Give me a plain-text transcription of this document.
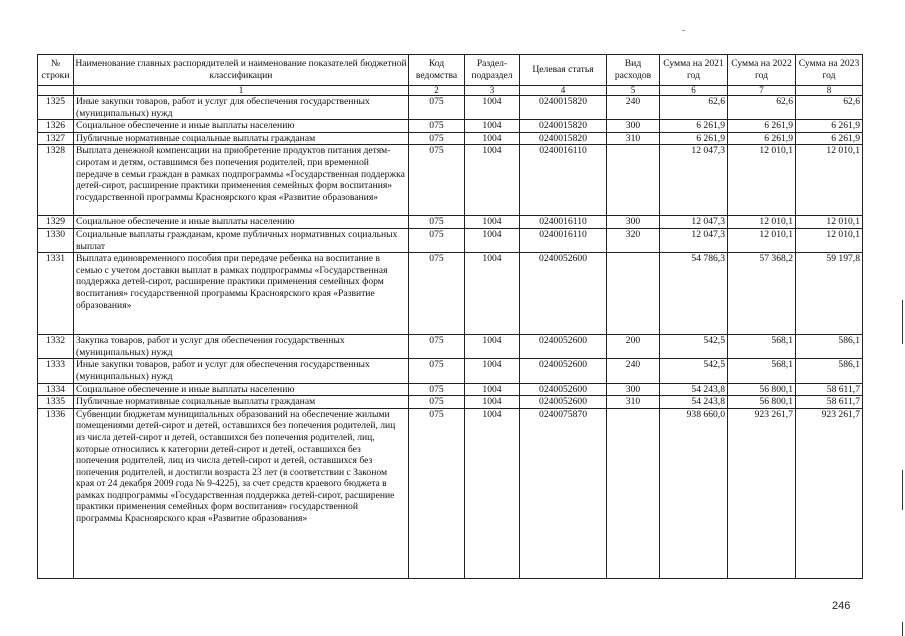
№ строки	Наименование главных распорядителей и наименование показателей бюджетной классификации	Код ведомства	Раздел-подраздел	Целевая статья	Вид расходов	Сумма на 2021 год	Сумма на 2022 год	Сумма на 2023 год
	1	2	3	4	5	6	7	8
1325	Иные закупки товаров, работ и услуг для обеспечения государственных (муниципальных) нужд	075	1004	0240015820	240	62,6	62,6	62,6
1326	Социальное обеспечение и иные выплаты населению	075	1004	0240015820	300	6 261,9	6 261,9	6 261,9
1327	Публичные нормативные социальные выплаты гражданам	075	1004	0240015820	310	6 261,9	6 261,9	6 261,9
1328	Выплата денежной компенсации на приобретение продуктов питания детям-сиротам и детям, оставшимся без попечения родителей, при временной передаче в семьи граждан в рамках подпрограммы «Государственная поддержка детей-сирот, расширение практики применения семейных форм воспитания» государственной программы Красноярского края «Развитие образования»	075	1004	0240016110		12 047,3	12 010,1	12 010,1
1329	Социальное обеспечение и иные выплаты населению	075	1004	0240016110	300	12 047,3	12 010,1	12 010,1
1330	Социальные выплаты гражданам, кроме публичных нормативных социальных выплат	075	1004	0240016110	320	12 047,3	12 010,1	12 010,1
1331	Выплата единовременного пособия при передаче ребенка на воспитание в семью с учетом доставки выплат в рамках подпрограммы «Государственная поддержка детей-сирот, расширение практики применения семейных форм воспитания» государственной программы Красноярского края «Развитие образования»	075	1004	0240052600		54 786,3	57 368,2	59 197,8
1332	Закупка товаров, работ и услуг для обеспечения государственных (муниципальных) нужд	075	1004	0240052600	200	542,5	568,1	586,1
1333	Иные закупки товаров, работ и услуг для обеспечения государственных (муниципальных) нужд	075	1004	0240052600	240	542,5	568,1	586,1
1334	Социальное обеспечение и иные выплаты населению	075	1004	0240052600	300	54 243,8	56 800,1	58 611,7
1335	Публичные нормативные социальные выплаты гражданам	075	1004	0240052600	310	54 243,8	56 800,1	58 611,7
1336	Субвенции бюджетам муниципальных образований на обеспечение жилыми помещениями детей-сирот и детей, оставшихся без попечения родителей, лиц из числа детей-сирот и детей, оставшихся без попечения родителей, лиц, которые относились к категории детей-сирот и детей, оставшихся без попечения родителей, лиц из числа детей-сирот и детей, оставшихся без попечения родителей, и достигли возраста 23 лет (в соответствии с Законом края от 24 декабря 2009 года № 9-4225), за счет средств краевого бюджета в рамках подпрограммы «Государственная поддержка детей-сирот, расширение практики применения семейных форм воспитания» государственной программы Красноярского края «Развитие образования»	075	1004	0240075870		938 660,0	923 261,7	923 261,7
246
